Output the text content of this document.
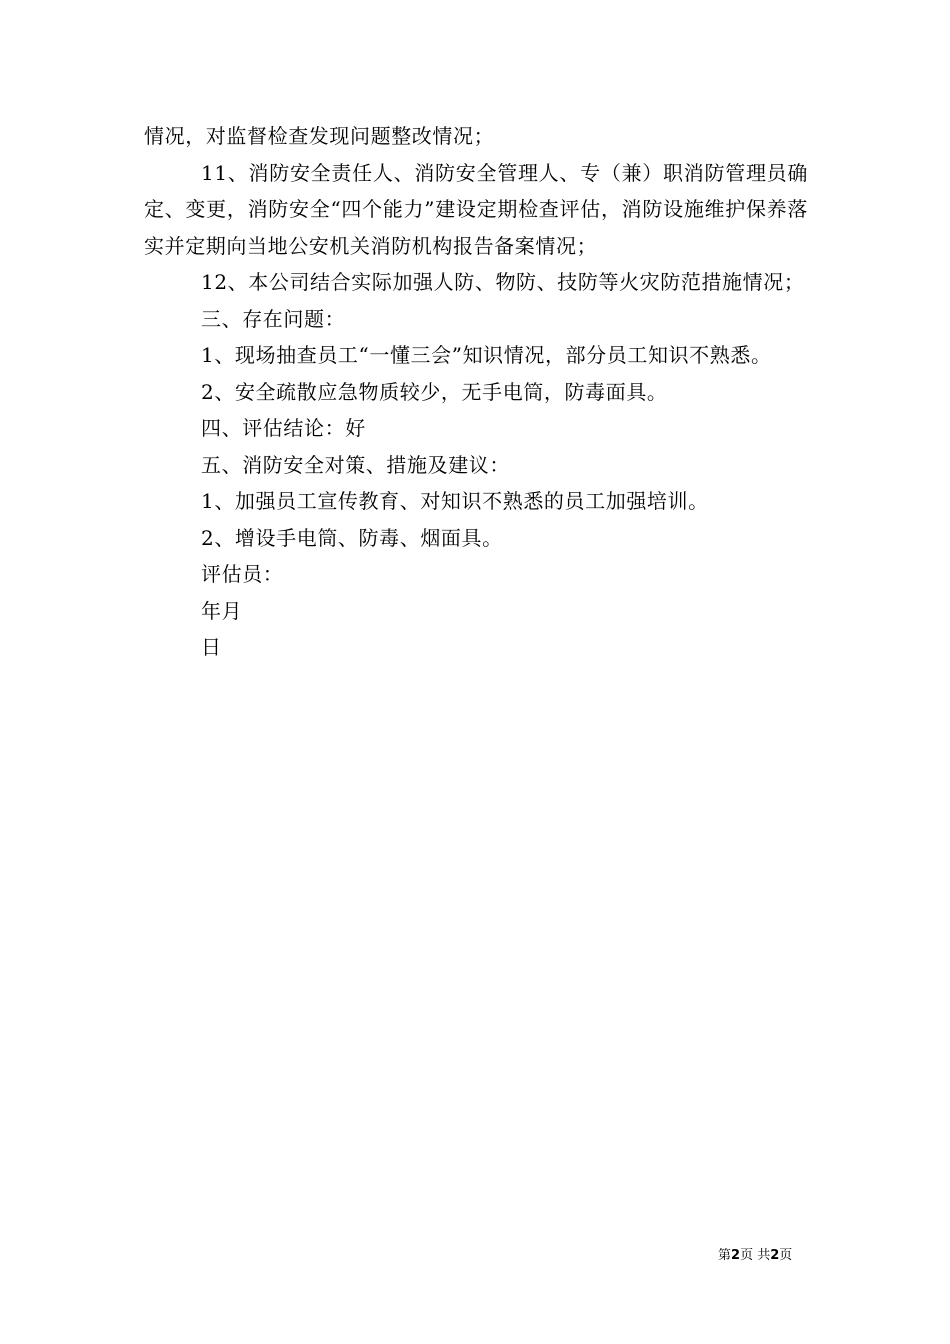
情况，对监督检查发现问题整改情况；

11、消防安全责任人、消防安全管理人、专（兼）职消防管理员确定、变更，消防安全“四个能力”建设定期检查评估，消防设施维护保养落实并定期向当地公安机关消防机构报告备案情况；

12、本公司结合实际加强人防、物防、技防等火灾防范措施情况；

三、存在问题：

1、现场抽查员工“一懂三会”知识情况，部分员工知识不熟悉。

2、安全疏散应急物质较少，无手电筒，防毒面具。

四、评估结论：好

五、消防安全对策、措施及建议：

1、加强员工宣传教育、对知识不熟悉的员工加强培训。

2、增设手电筒、防毒、烟面具。

评估员：

年月

日

第2页 共2页
